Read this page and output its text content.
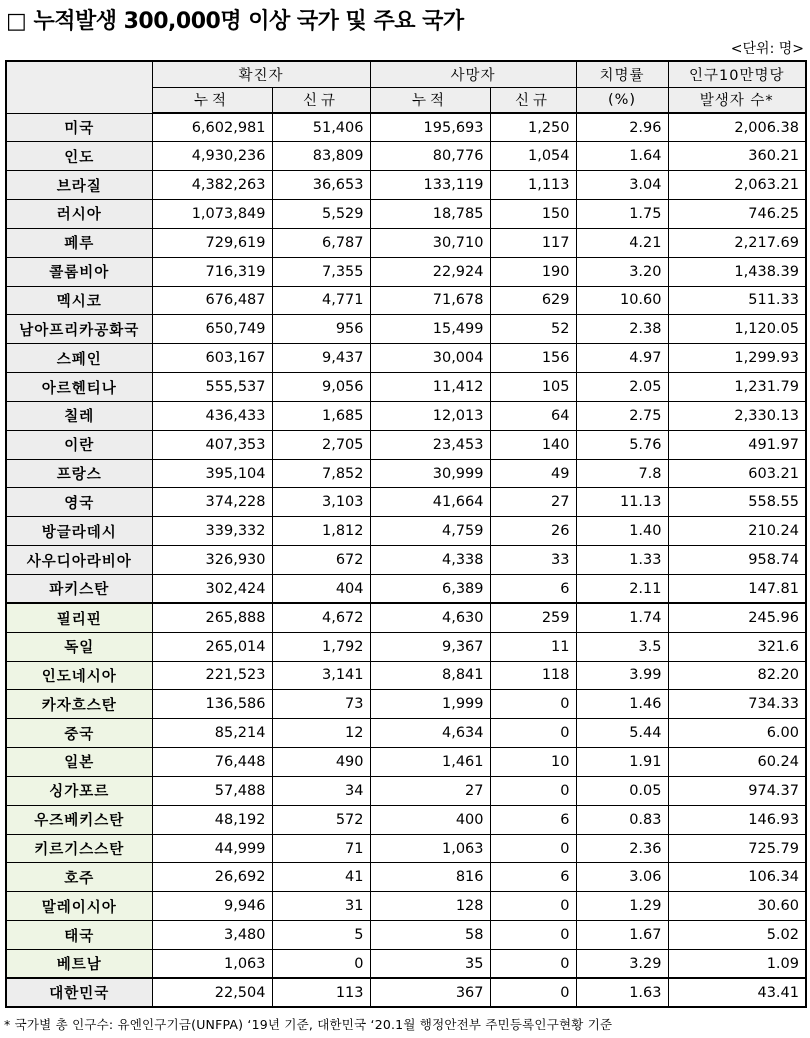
□ 누적발생 300,000명 이상 국가 및 주요 국가
<단위: 명>
	확진자		사망자		치명률	인구10만명당
	누적	신규	누적	신규	(%)	발생자 수*
미국	6,602,981	51,406	195,693	1,250	2.96	2,006.38
인도	4,930,236	83,809	80,776	1,054	1.64	360.21
브라질	4,382,263	36,653	133,119	1,113	3.04	2,063.21
러시아	1,073,849	5,529	18,785	150	1.75	746.25
페루	729,619	6,787	30,710	117	4.21	2,217.69
콜롬비아	716,319	7,355	22,924	190	3.20	1,438.39
멕시코	676,487	4,771	71,678	629	10.60	511.33
남아프리카공화국	650,749	956	15,499	52	2.38	1,120.05
스페인	603,167	9,437	30,004	156	4.97	1,299.93
아르헨티나	555,537	9,056	11,412	105	2.05	1,231.79
칠레	436,433	1,685	12,013	64	2.75	2,330.13
이란	407,353	2,705	23,453	140	5.76	491.97
프랑스	395,104	7,852	30,999	49	7.8	603.21
영국	374,228	3,103	41,664	27	11.13	558.55
방글라데시	339,332	1,812	4,759	26	1.40	210.24
사우디아라비아	326,930	672	4,338	33	1.33	958.74
파키스탄	302,424	404	6,389	6	2.11	147.81
필리핀	265,888	4,672	4,630	259	1.74	245.96
독일	265,014	1,792	9,367	11	3.5	321.6
인도네시아	221,523	3,141	8,841	118	3.99	82.20
카자흐스탄	136,586	73	1,999	0	1.46	734.33
중국	85,214	12	4,634	0	5.44	6.00
일본	76,448	490	1,461	10	1.91	60.24
싱가포르	57,488	34	27	0	0.05	974.37
우즈베키스탄	48,192	572	400	6	0.83	146.93
키르기스스탄	44,999	71	1,063	0	2.36	725.79
호주	26,692	41	816	6	3.06	106.34
말레이시아	9,946	31	128	0	1.29	30.60
태국	3,480	5	58	0	1.67	5.02
베트남	1,063	0	35	0	3.29	1.09
대한민국	22,504	113	367	0	1.63	43.41
* 국가별 총 인구수: 유엔인구기금(UNFPA) ‘19년 기준, 대한민국 ‘20.1월 행정안전부 주민등록인구현황 기준
